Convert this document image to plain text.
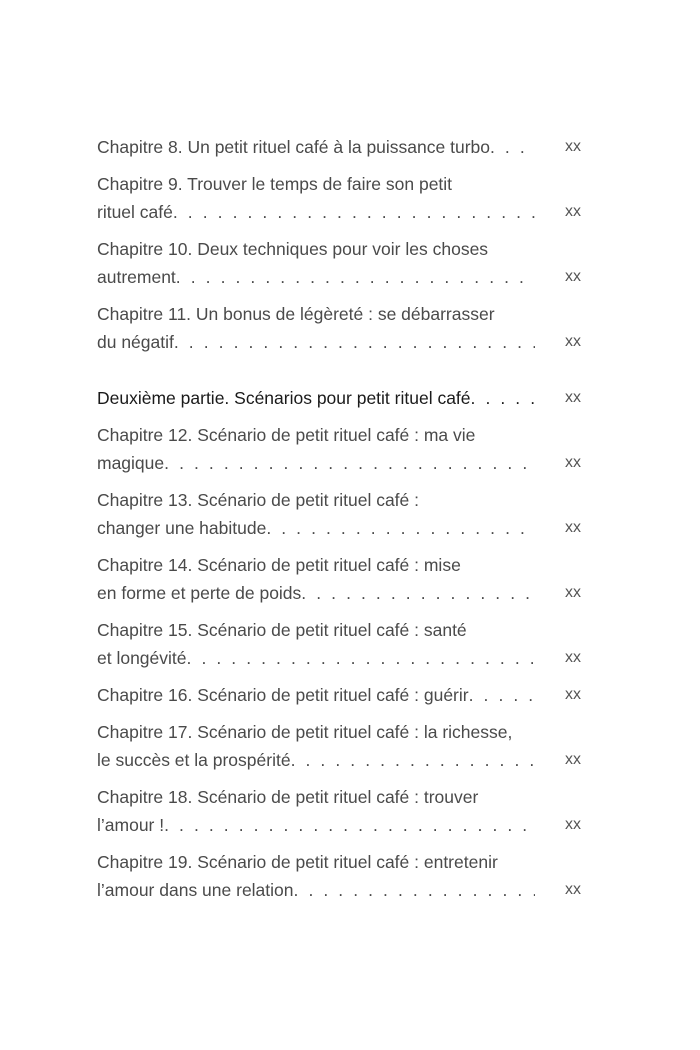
Chapitre 8. Un petit rituel café à la puissance turbo . . .	xx
Chapitre 9. Trouver le temps de faire son petit
rituel café . . .	xx
Chapitre 10. Deux techniques pour voir les choses
autrement . . .	xx
Chapitre 11. Un bonus de légèreté : se débarrasser
du négatif . . .	xx
Deuxième partie. Scénarios pour petit rituel café . . .	xx
Chapitre 12. Scénario de petit rituel café : ma vie
magique . . .	xx
Chapitre 13. Scénario de petit rituel café :
changer une habitude . . .	xx
Chapitre 14. Scénario de petit rituel café : mise
en forme et perte de poids . . .	xx
Chapitre 15. Scénario de petit rituel café : santé
et longévité . . .	xx
Chapitre 16. Scénario de petit rituel café : guérir . . .	xx
Chapitre 17. Scénario de petit rituel café : la richesse,
le succès et la prospérité . . .	xx
Chapitre 18. Scénario de petit rituel café : trouver
l’amour ! . . .	xx
Chapitre 19. Scénario de petit rituel café : entretenir
l’amour dans une relation . . .	xx
